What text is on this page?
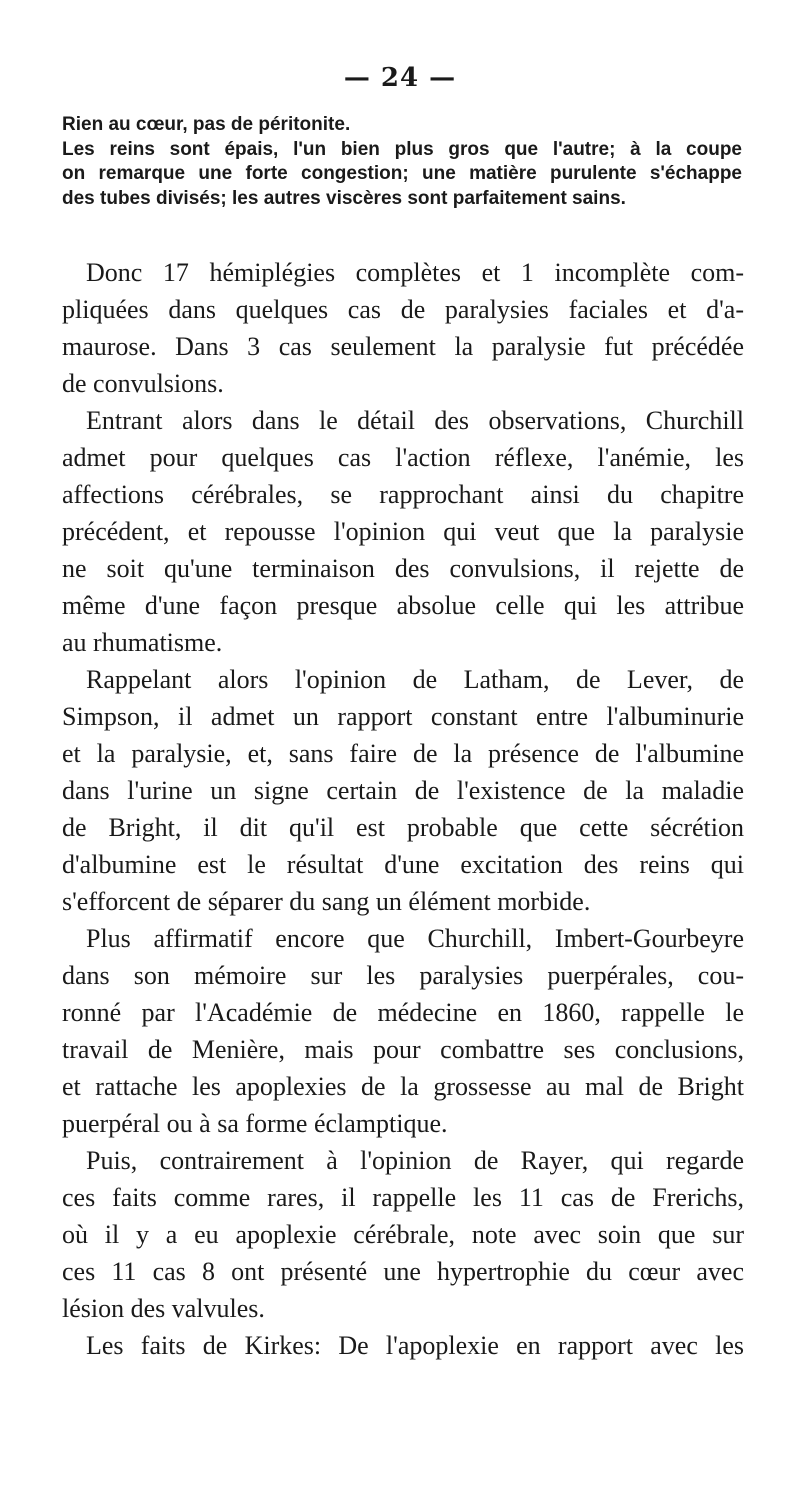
— 24 —

Rien au cœur, pas de péritonite.
Les reins sont épais, l'un bien plus gros que l'autre; à la coupe
on remarque une forte congestion; une matière purulente s'échappe
des tubes divisés; les autres viscères sont parfaitement sains.

Donc 17 hémiplégies complètes et 1 incomplète com-
pliquées dans quelques cas de paralysies faciales et d'a-
maurose. Dans 3 cas seulement la paralysie fut précédée
de convulsions.

Entrant alors dans le détail des observations, Churchill
admet pour quelques cas l'action réflexe, l'anémie, les
affections cérébrales, se rapprochant ainsi du chapitre
précédent, et repousse l'opinion qui veut que la paralysie
ne soit qu'une terminaison des convulsions, il rejette de
même d'une façon presque absolue celle qui les attribue
au rhumatisme.

Rappelant alors l'opinion de Latham, de Lever, de
Simpson, il admet un rapport constant entre l'albuminurie
et la paralysie, et, sans faire de la présence de l'albumine
dans l'urine un signe certain de l'existence de la maladie
de Bright, il dit qu'il est probable que cette sécrétion
d'albumine est le résultat d'une excitation des reins qui
s'efforcent de séparer du sang un élément morbide.

Plus affirmatif encore que Churchill, Imbert-Gourbeyre
dans son mémoire sur les paralysies puerpérales, cou-
ronné par l'Académie de médecine en 1860, rappelle le
travail de Menière, mais pour combattre ses conclusions,
et rattache les apoplexies de la grossesse au mal de Bright
puerpéral ou à sa forme éclamptique.

Puis, contrairement à l'opinion de Rayer, qui regarde
ces faits comme rares, il rappelle les 11 cas de Frerichs,
où il y a eu apoplexie cérébrale, note avec soin que sur
ces 11 cas 8 ont présenté une hypertrophie du cœur avec
lésion des valvules.

Les faits de Kirkes: De l'apoplexie en rapport avec les
